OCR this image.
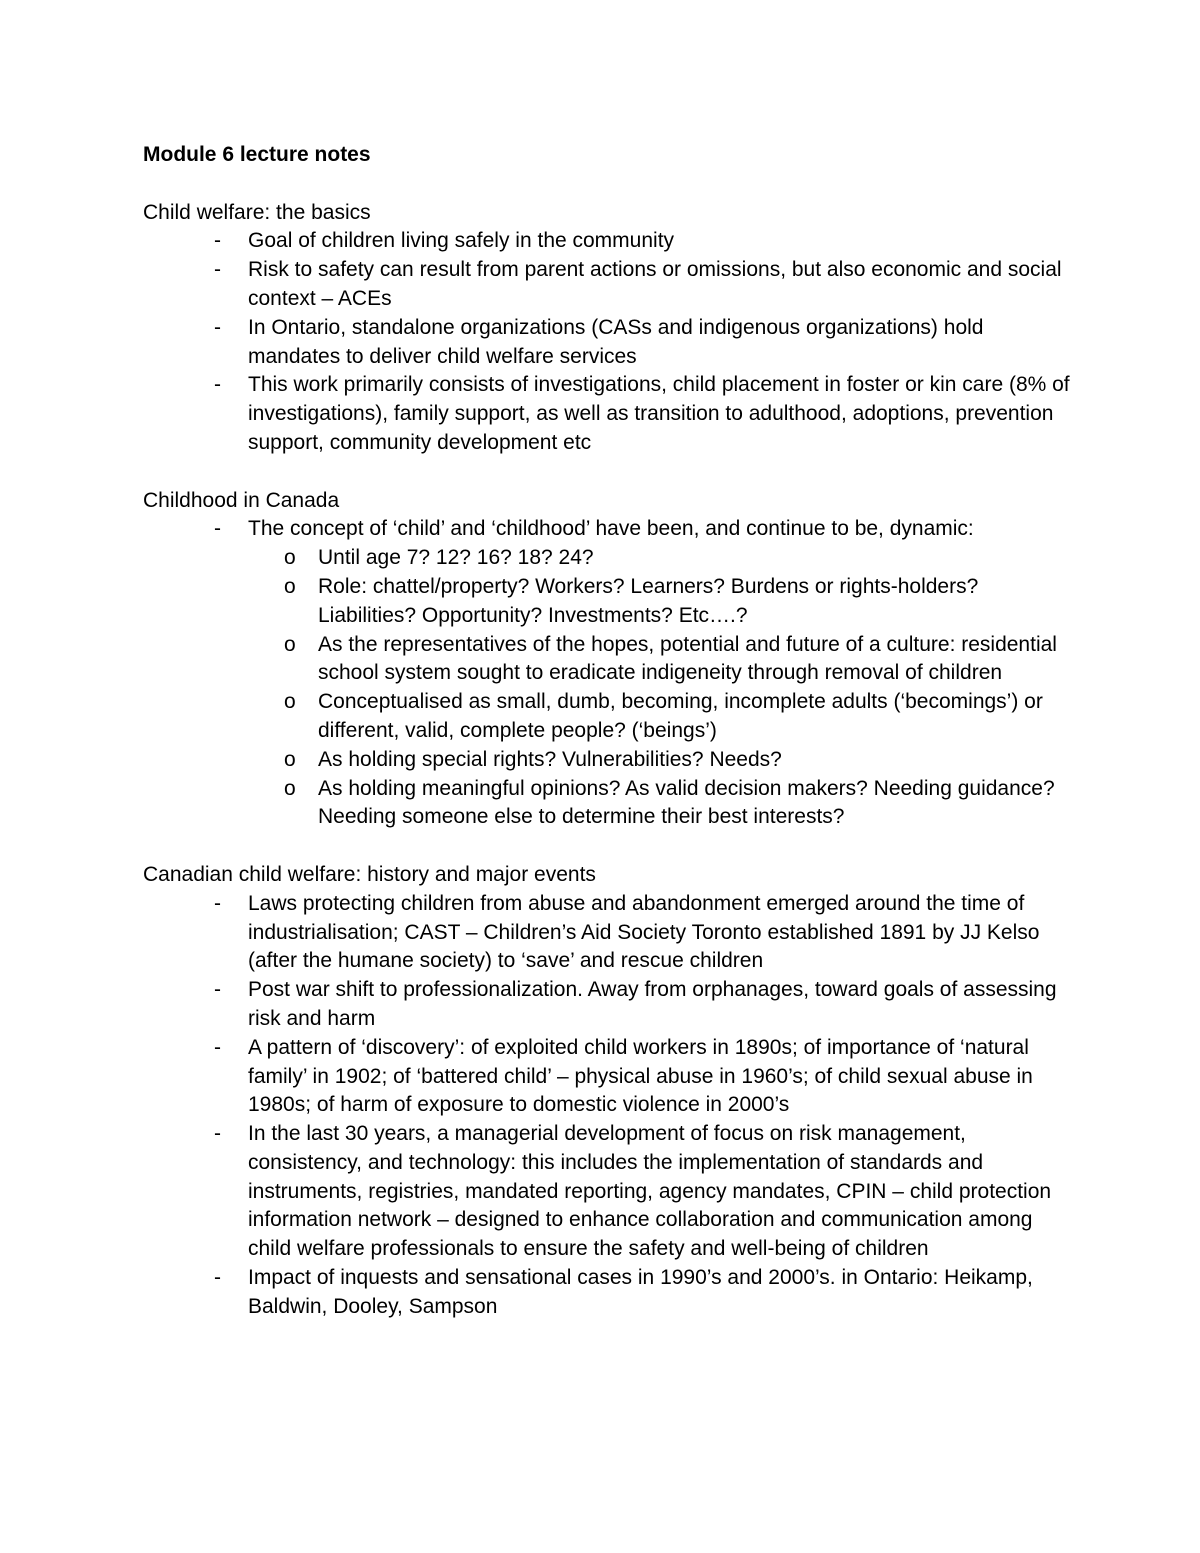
Module 6 lecture notes
Child welfare: the basics
- Goal of children living safely in the community
- Risk to safety can result from parent actions or omissions, but also economic and social context – ACEs
- In Ontario, standalone organizations (CASs and indigenous organizations) hold mandates to deliver child welfare services
- This work primarily consists of investigations, child placement in foster or kin care (8% of investigations), family support, as well as transition to adulthood, adoptions, prevention support, community development etc
Childhood in Canada
- The concept of ‘child’ and ‘childhood’ have been, and continue to be, dynamic:
o Until age 7? 12? 16? 18? 24?
o Role: chattel/property? Workers? Learners? Burdens or rights-holders? Liabilities? Opportunity? Investments? Etc….?
o As the representatives of the hopes, potential and future of a culture: residential school system sought to eradicate indigeneity through removal of children
o Conceptualised as small, dumb, becoming, incomplete adults (‘becomings’) or different, valid, complete people? (‘beings’)
o As holding special rights? Vulnerabilities? Needs?
o As holding meaningful opinions? As valid decision makers? Needing guidance? Needing someone else to determine their best interests?
Canadian child welfare: history and major events
- Laws protecting children from abuse and abandonment emerged around the time of industrialisation; CAST – Children’s Aid Society Toronto established 1891 by JJ Kelso (after the humane society) to ‘save’ and rescue children
- Post war shift to professionalization. Away from orphanages, toward goals of assessing risk and harm
- A pattern of ‘discovery’: of exploited child workers in 1890s; of importance of ‘natural family’ in 1902; of ‘battered child’ – physical abuse in 1960’s; of child sexual abuse in 1980s; of harm of exposure to domestic violence in 2000’s
- In the last 30 years, a managerial development of focus on risk management, consistency, and technology: this includes the implementation of standards and instruments, registries, mandated reporting, agency mandates, CPIN – child protection information network – designed to enhance collaboration and communication among child welfare professionals to ensure the safety and well-being of children
- Impact of inquests and sensational cases in 1990’s and 2000’s. in Ontario: Heikamp, Baldwin, Dooley, Sampson
